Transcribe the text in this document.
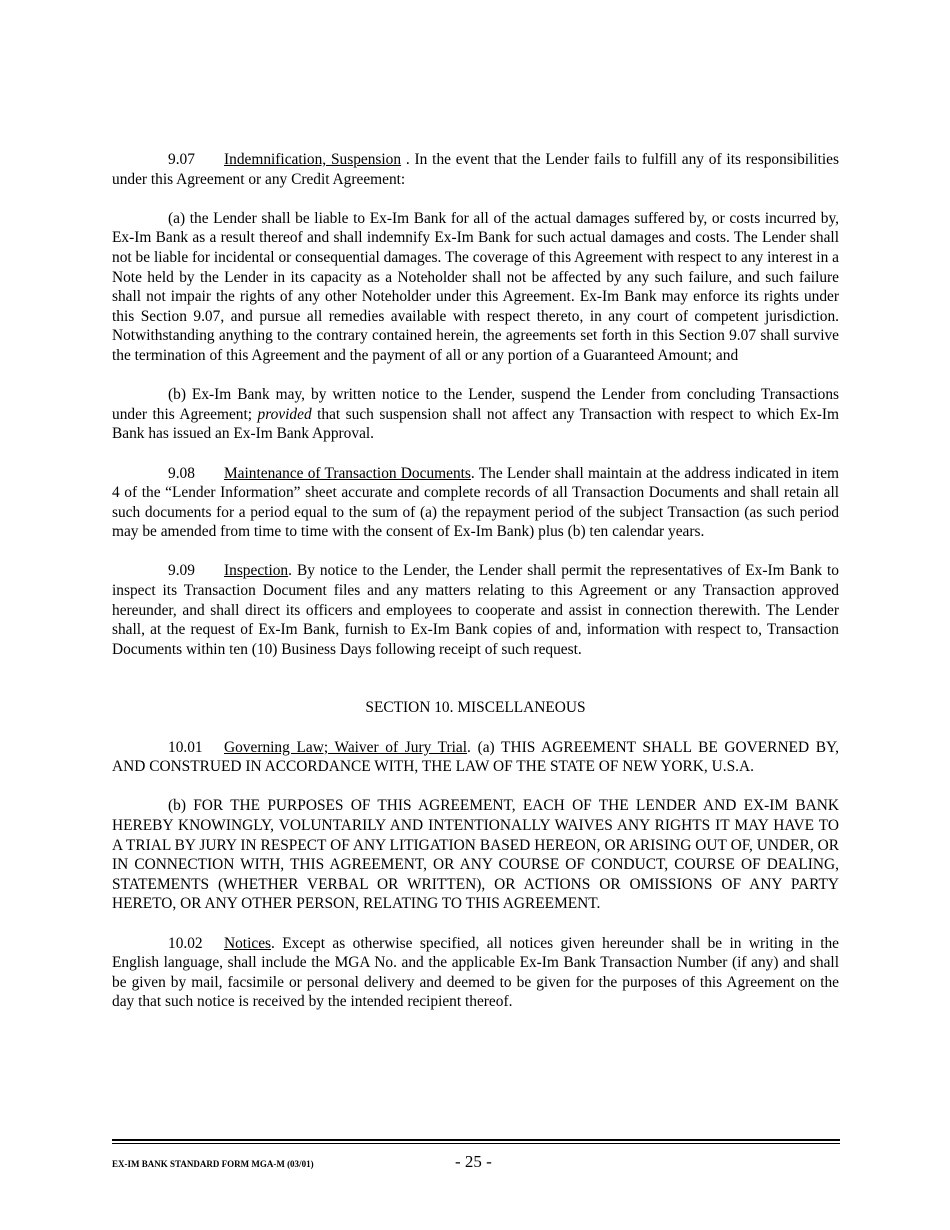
9.07 Indemnification, Suspension . In the event that the Lender fails to fulfill any of its responsibilities under this Agreement or any Credit Agreement:

(a) the Lender shall be liable to Ex-Im Bank for all of the actual damages suffered by, or costs incurred by, Ex-Im Bank as a result thereof and shall indemnify Ex-Im Bank for such actual damages and costs. The Lender shall not be liable for incidental or consequential damages. The coverage of this Agreement with respect to any interest in a Note held by the Lender in its capacity as a Noteholder shall not be affected by any such failure, and such failure shall not impair the rights of any other Noteholder under this Agreement. Ex-Im Bank may enforce its rights under this Section 9.07, and pursue all remedies available with respect thereto, in any court of competent jurisdiction. Notwithstanding anything to the contrary contained herein, the agreements set forth in this Section 9.07 shall survive the termination of this Agreement and the payment of all or any portion of a Guaranteed Amount; and

(b) Ex-Im Bank may, by written notice to the Lender, suspend the Lender from concluding Transactions under this Agreement; provided that such suspension shall not affect any Transaction with respect to which Ex-Im Bank has issued an Ex-Im Bank Approval.

9.08 Maintenance of Transaction Documents. The Lender shall maintain at the address indicated in item 4 of the “Lender Information” sheet accurate and complete records of all Transaction Documents and shall retain all such documents for a period equal to the sum of (a) the repayment period of the subject Transaction (as such period may be amended from time to time with the consent of Ex-Im Bank) plus (b) ten calendar years.

9.09 Inspection. By notice to the Lender, the Lender shall permit the representatives of Ex-Im Bank to inspect its Transaction Document files and any matters relating to this Agreement or any Transaction approved hereunder, and shall direct its officers and employees to cooperate and assist in connection therewith. The Lender shall, at the request of Ex-Im Bank, furnish to Ex-Im Bank copies of and, information with respect to, Transaction Documents within ten (10) Business Days following receipt of such request.

SECTION 10. MISCELLANEOUS

10.01 Governing Law; Waiver of Jury Trial. (a) THIS AGREEMENT SHALL BE GOVERNED BY, AND CONSTRUED IN ACCORDANCE WITH, THE LAW OF THE STATE OF NEW YORK, U.S.A.

(b) FOR THE PURPOSES OF THIS AGREEMENT, EACH OF THE LENDER AND EX-IM BANK HEREBY KNOWINGLY, VOLUNTARILY AND INTENTIONALLY WAIVES ANY RIGHTS IT MAY HAVE TO A TRIAL BY JURY IN RESPECT OF ANY LITIGATION BASED HEREON, OR ARISING OUT OF, UNDER, OR IN CONNECTION WITH, THIS AGREEMENT, OR ANY COURSE OF CONDUCT, COURSE OF DEALING, STATEMENTS (WHETHER VERBAL OR WRITTEN), OR ACTIONS OR OMISSIONS OF ANY PARTY HERETO, OR ANY OTHER PERSON, RELATING TO THIS AGREEMENT.

10.02 Notices. Except as otherwise specified, all notices given hereunder shall be in writing in the English language, shall include the MGA No. and the applicable Ex-Im Bank Transaction Number (if any) and shall be given by mail, facsimile or personal delivery and deemed to be given for the purposes of this Agreement on the day that such notice is received by the intended recipient thereof.

EX-IM BANK STANDARD FORM MGA-M (03/01)	- 25 -
